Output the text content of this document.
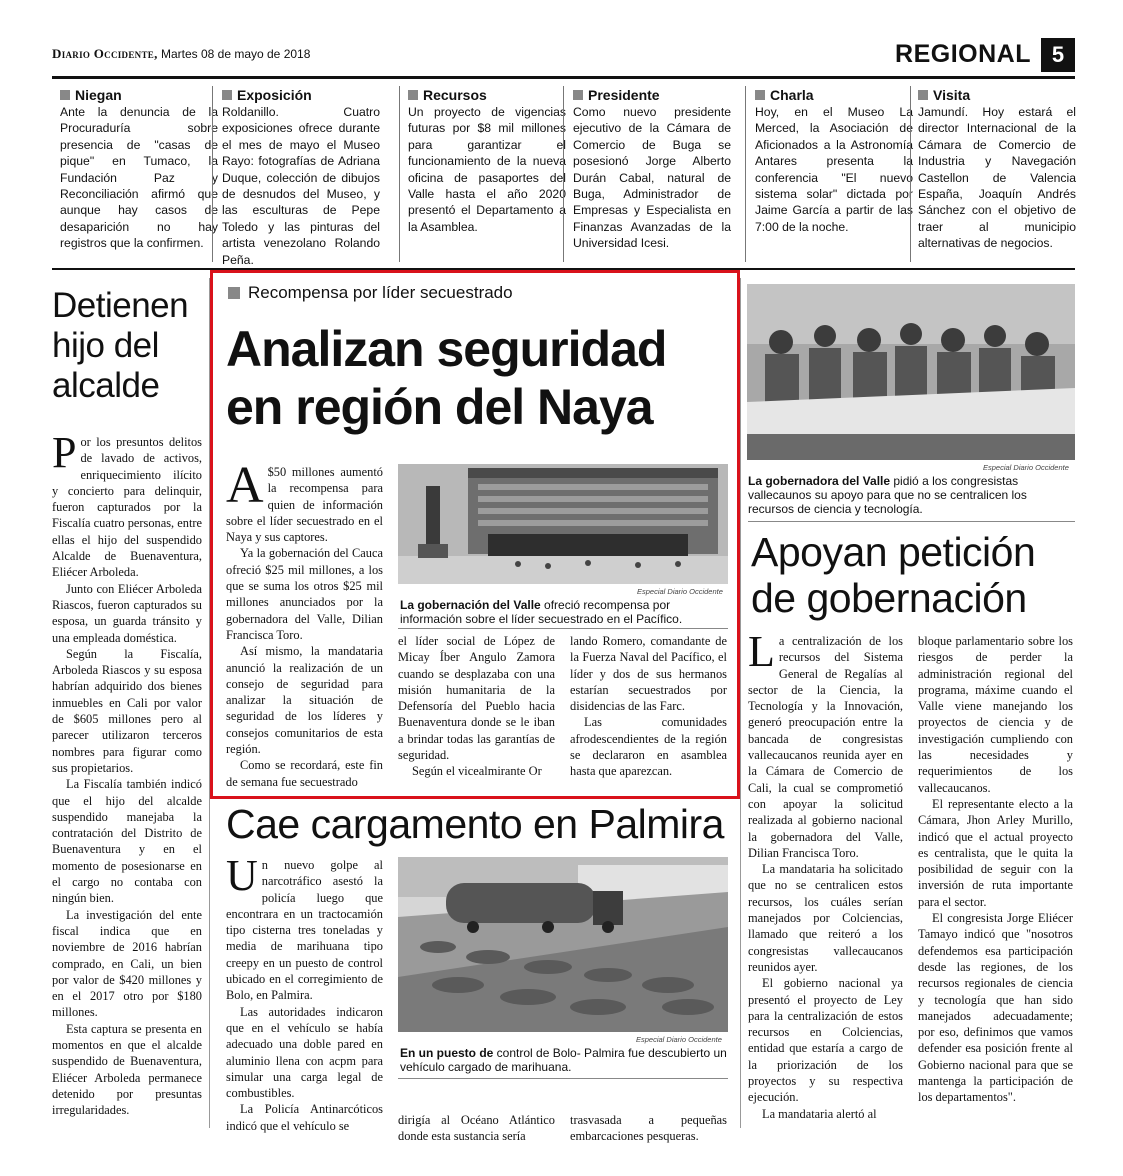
Diario Occidente, Martes 08 de mayo de 2018	REGIONAL 5
Niegan
Ante la denuncia de la Procuraduría sobre presencia de "casas de pique" en Tumaco, la Fundación Paz y Reconciliación afirmó que aunque hay casos de desaparición no hay registros que la confirmen.
Exposición
Roldanillo. Cuatro exposiciones ofrece durante el mes de mayo el Museo Rayo: fotografías de Adriana Duque, colección de dibujos de desnudos del Museo, y las esculturas de Pepe Toledo y las pinturas del artista venezolano Rolando Peña.
Recursos
Un proyecto de vigencias futuras por $8 mil millones para garantizar el funcionamiento de la nueva oficina de pasaportes del Valle hasta el año 2020 presentó el Departamento a la Asamblea.
Presidente
Como nuevo presidente ejecutivo de la Cámara de Comercio de Buga se posesionó Jorge Alberto Durán Cabal, natural de Buga, Administrador de Empresas y Especialista en Finanzas Avanzadas de la Universidad Icesi.
Charla
Hoy, en el Museo La Merced, la Asociación de Aficionados a la Astronomía Antares presenta la conferencia "El nuevo sistema solar" dictada por Jaime García a partir de las 7:00 de la noche.
Visita
Jamundí. Hoy estará el director Internacional de la Cámara de Comercio de Industria y Navegación Castellon de Valencia España, Joaquín Andrés Sánchez con el objetivo de traer al municipio alternativas de negocios.
Detienen hijo del alcalde

Por los presuntos delitos de lavado de activos, enriquecimiento ilícito y concierto para delinquir, fueron capturados por la Fiscalía cuatro personas, entre ellas el hijo del suspendido Alcalde de Buenaventura, Eliécer Arboleda.

Junto con Eliécer Arboleda Riascos, fueron capturados su esposa, un guarda tránsito y una empleada doméstica.

Según la Fiscalía, Arboleda Riascos y su esposa habrían adquirido dos bienes inmuebles en Cali por valor de $605 millones pero al parecer utilizaron terceros nombres para figurar como sus propietarios.

La Fiscalía también indicó que el hijo del alcalde suspendido manejaba la contratación del Distrito de Buenaventura y en el momento de posesionarse en el cargo no contaba con ningún bien.

La investigación del ente fiscal indica que en noviembre de 2016 habrían comprado, en Cali, un bien por valor de $420 millones y en el 2017 otro por $180 millones.

Esta captura se presenta en momentos en que el alcalde suspendido de Buenaventura, Eliécer Arboleda permanece detenido por presuntas irregularidades.

Recompensa por líder secuestrado
Analizan seguridad en región del Naya

A $50 millones aumentó la recompensa para quien de información sobre el líder secuestrado en el Naya y sus captores.

Ya la gobernación del Cauca ofreció $25 mil millones, a los que se suma los otros $25 mil millones anunciados por la gobernadora del Valle, Dilian Francisca Toro.

Así mismo, la mandataria anunció la realización de un consejo de seguridad para analizar la situación de seguridad de los líderes y consejos comunitarios de esta región.

Como se recordará, este fin de semana fue secuestrado

Especial Diario Occidente
La gobernación del Valle ofreció recompensa por información sobre el líder secuestrado en el Pacífico.

el líder social de López de Micay Íber Angulo Zamora cuando se desplazaba con una misión humanitaria de la Defensoría del Pueblo hacia Buenaventura donde se le iban a brindar todas las garantías de seguridad.

Según el vicealmirante Or

lando Romero, comandante de la Fuerza Naval del Pacífico, el líder y dos de sus hermanos estarían secuestrados por disidencias de las Farc.

Las comunidades afrodescendientes de la región se declararon en asamblea hasta que aparezcan.

Cae cargamento en Palmira

Un nuevo golpe al narcotráfico asestó la policía luego que encontrara en un tractocamión tipo cisterna tres toneladas y media de marihuana tipo creepy en un puesto de control ubicado en el corregimiento de Bolo, en Palmira.

Las autoridades indicaron que en el vehículo se había adecuado una doble pared en aluminio llena con acpm para simular una carga legal de combustibles.

La Policía Antinarcóticos indicó que el vehículo se

Especial Diario Occidente
En un puesto de control de Bolo- Palmira fue descubierto un vehículo cargado de marihuana.

dirigía al Océano Atlántico donde esta sustancia sería

trasvasada a pequeñas embarcaciones pesqueras.

Especial Diario Occidente
La gobernadora del Valle pidió a los congresistas vallecaunos su apoyo para que no se centralicen los recursos de ciencia y tecnología.
Apoyan petición de gobernación

La centralización de los recursos del Sistema General de Regalías al sector de la Ciencia, la Tecnología y la Innovación, generó preocupación entre la bancada de congresistas vallecaucanos reunida ayer en la Cámara de Comercio de Cali, la cual se comprometió con apoyar la solicitud realizada al gobierno nacional la gobernadora del Valle, Dilian Francisca Toro.

La mandataria ha solicitado que no se centralicen estos recursos, los cuáles serían manejados por Colciencias, llamado que reiteró a los congresistas vallecaucanos reunidos ayer.

El gobierno nacional ya presentó el proyecto de Ley para la centralización de estos recursos en Colciencias, entidad que estaría a cargo de la priorización de los proyectos y su respectiva ejecución.

La mandataria alertó al

bloque parlamentario sobre los riesgos de perder la administración regional del programa, máxime cuando el Valle viene manejando los proyectos de ciencia y de investigación cumpliendo con las necesidades y requerimientos de los vallecaucanos.

El representante electo a la Cámara, Jhon Arley Murillo, indicó que el actual proyecto es centralista, que le quita la posibilidad de seguir con la inversión de ruta importante para el sector.

El congresista Jorge Eliécer Tamayo indicó que "nosotros defendemos esa participación desde las regiones, de los recursos regionales de ciencia y tecnología que han sido manejados adecuadamente; por eso, definimos que vamos defender esa posición frente al Gobierno nacional para que se mantenga la participación de los departamentos".
